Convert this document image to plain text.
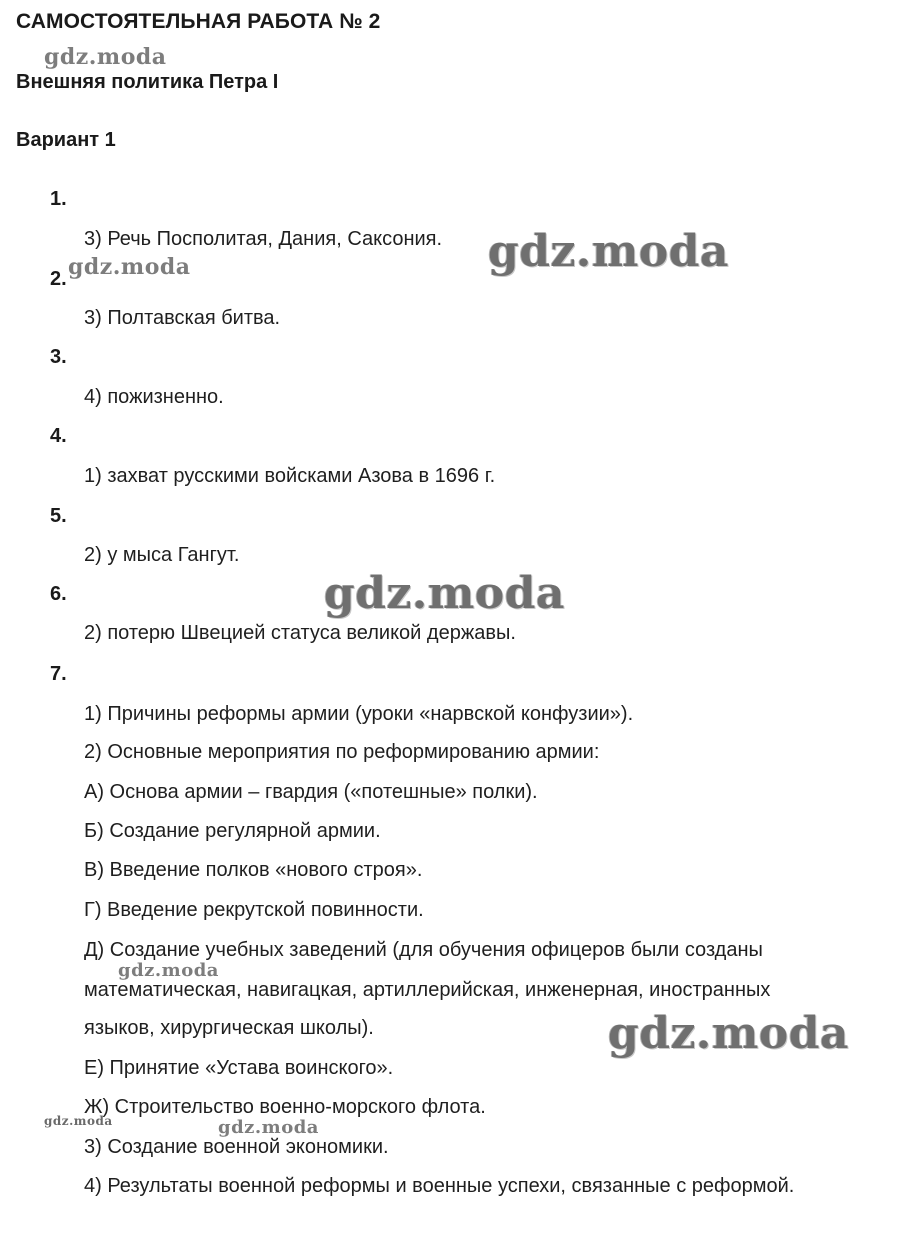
САМОСТОЯТЕЛЬНАЯ РАБОТА № 2
Внешняя политика Петра I
Вариант 1
1.
3) Речь Посполитая, Дания, Саксония.
2.
3) Полтавская битва.
3.
4) пожизненно.
4.
1) захват русскими войсками Азова в 1696 г.
5.
2) у мыса Гангут.
6.
2) потерю Швецией статуса великой державы.
7.
1) Причины реформы армии (уроки «нарвской конфузии»).
2) Основные мероприятия по реформированию армии:
А) Основа армии – гвардия («потешные» полки).
Б) Создание регулярной армии.
В) Введение полков «нового строя».
Г) Введение рекрутской повинности.
Д) Создание учебных заведений (для обучения офицеров были созданы
математическая, навигацкая, артиллерийская, инженерная, иностранных
языков, хирургическая школы).
Е) Принятие «Устава воинского».
Ж) Строительство военно-морского флота.
3) Создание военной экономики.
4) Результаты военной реформы и военные успехи, связанные с реформой.
gdz.moda
gdz.moda
gdz.moda
gdz.moda
gdz.moda
gdz.moda
gdz.moda	gdz.moda
